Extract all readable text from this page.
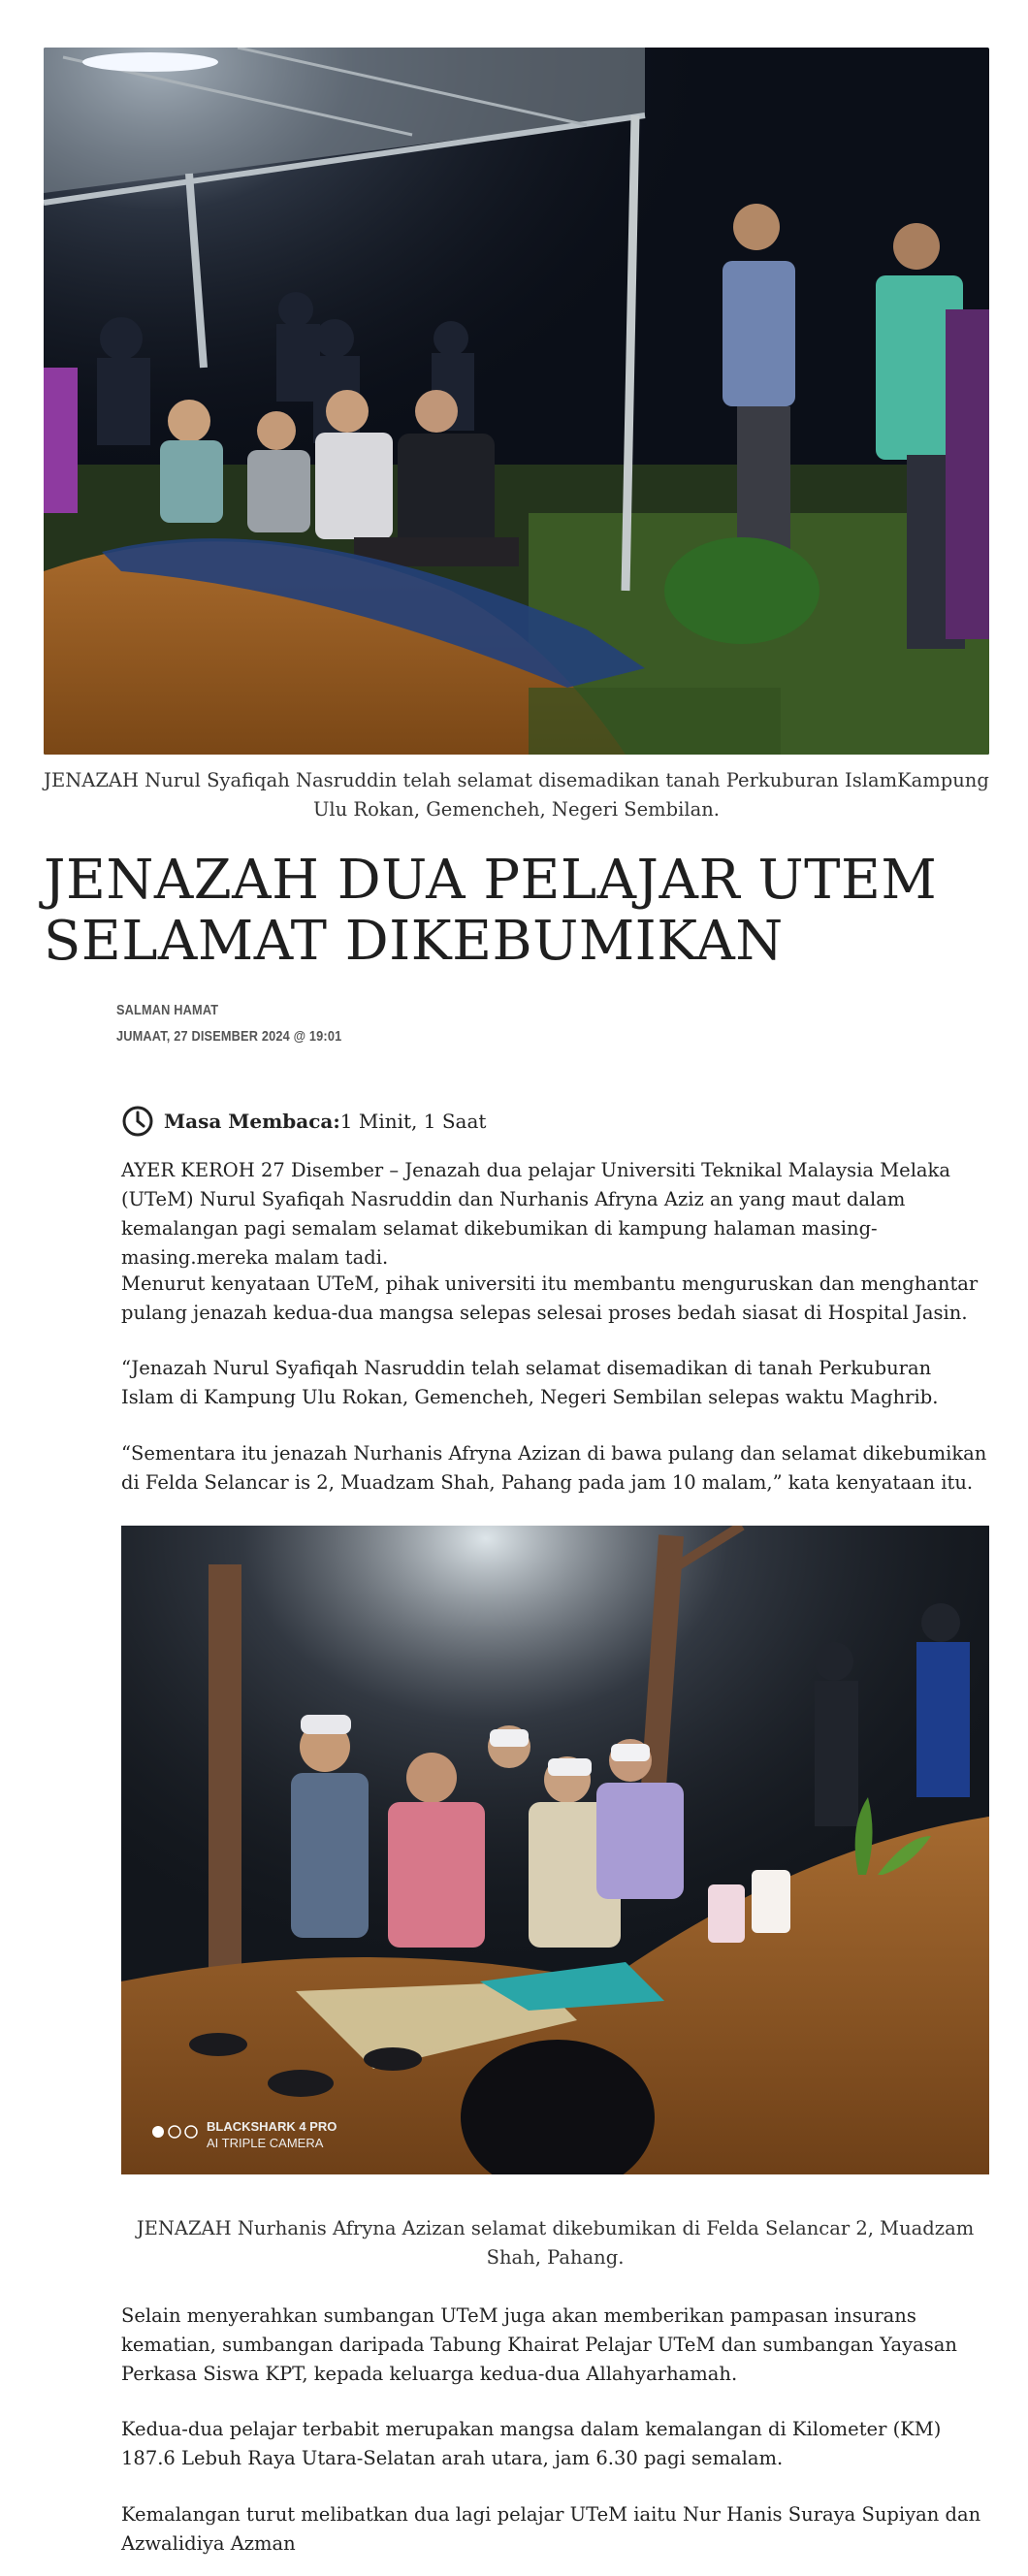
JENAZAH Nurul Syafiqah Nasruddin telah selamat disemadikan tanah Perkuburan IslamKampung Ulu Rokan, Gemencheh, Negeri Sembilan.

JENAZAH DUA PELAJAR UTEM SELAMAT DIKEBUMIKAN
SALMAN HAMAT
JUMAAT, 27 DISEMBER 2024 @ 19:01
Masa Membaca: 1 Minit, 1 Saat

AYER KEROH 27 Disember – Jenazah dua pelajar Universiti Teknikal Malaysia Melaka (UTeM) Nurul Syafiqah Nasruddin dan Nurhanis Afryna Aziz an yang maut dalam kemalangan pagi semalam selamat dikebumikan di kampung halaman masing-masing.mereka malam tadi.

Menurut kenyataan UTeM, pihak universiti itu membantu menguruskan dan menghantar pulang jenazah kedua-dua mangsa selepas selesai proses bedah siasat di Hospital Jasin.

“Jenazah Nurul Syafiqah Nasruddin telah selamat disemadikan di tanah Perkuburan Islam di Kampung Ulu Rokan, Gemencheh, Negeri Sembilan selepas waktu Maghrib.

“Sementara itu jenazah Nurhanis Afryna Azizan di bawa pulang dan selamat dikebumikan di Felda Selancar is 2, Muadzam Shah, Pahang pada jam 10 malam,” kata kenyataan itu.

BLACKSHARK 4 PRO
AI TRIPLE CAMERA

JENAZAH Nurhanis Afryna Azizan selamat dikebumikan di Felda Selancar 2, Muadzam Shah, Pahang.

Selain menyerahkan sumbangan UTeM juga akan memberikan pampasan insurans kematian, sumbangan daripada Tabung Khairat Pelajar UTeM dan sumbangan Yayasan Perkasa Siswa KPT, kepada keluarga kedua-dua Allahyarhamah.

Kedua-dua pelajar terbabit merupakan mangsa dalam kemalangan di Kilometer (KM) 187.6 Lebuh Raya Utara-Selatan arah utara, jam 6.30 pagi semalam.

Kemalangan turut melibatkan dua lagi pelajar UTeM iaitu Nur Hanis Suraya Supiyan dan Azwalidiya Azman
